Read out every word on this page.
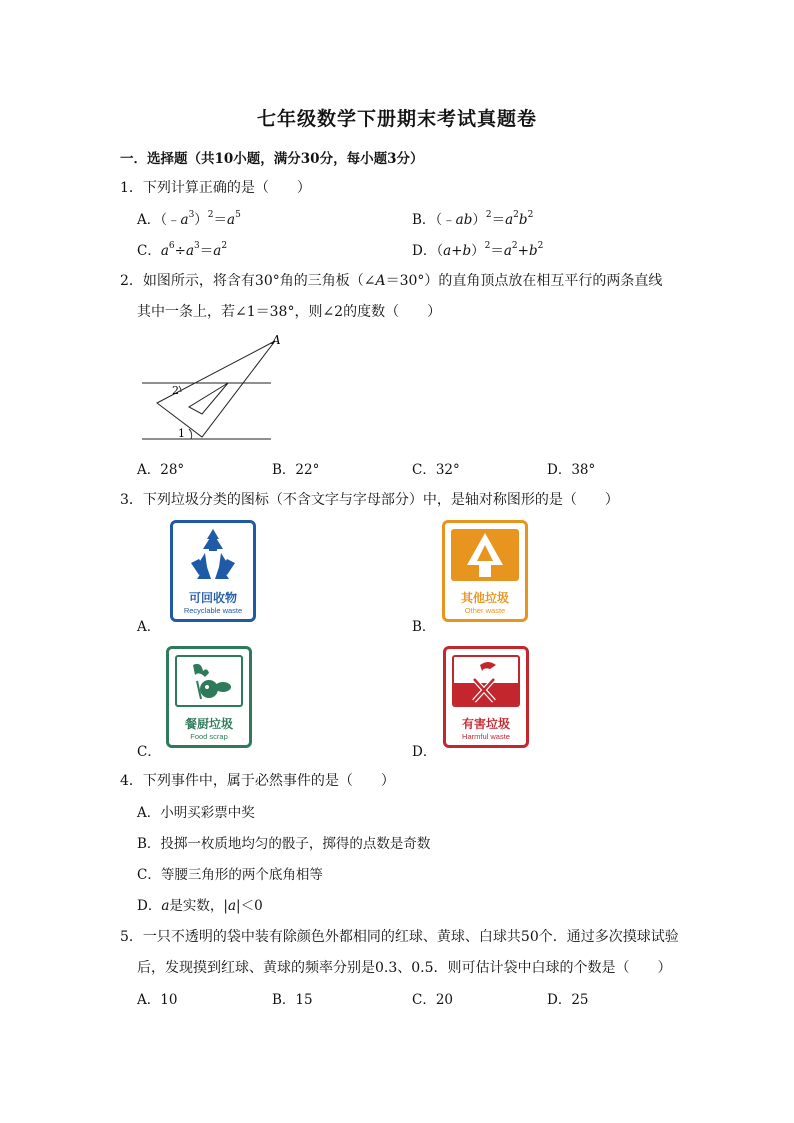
七年级数学下册期末考试真题卷
一．选择题（共10小题，满分30分，每小题3分）
1．下列计算正确的是（　　）
A．$(﹣a^3)^2=a^5$	B．$(﹣ab)^2=a^2b^2$
C．$a^6\div a^3=a^2$	D．$(a+b)^2=a^2+b^2$
2．如图所示，将含有30°角的三角板（∠A＝30°）的直角顶点放在相互平行的两条直线
其中一条上，若∠1＝38°，则∠2的度数（　　）
A
2
1
A．28°	B．22°	C．32°	D．38°
3．下列垃圾分类的图标（不含文字与字母部分）中，是轴对称图形的是（　　）
可回收物
Recyclable waste
A．
其他垃圾
Other waste
B．
餐厨垃圾
Food scrap
C．
有害垃圾
Harmful waste
D．
4．下列事件中，属于必然事件的是（　　）
A．小明买彩票中奖
B．投掷一枚质地均匀的骰子，掷得的点数是奇数
C．等腰三角形的两个底角相等
D．a是实数，|a|＜0
5．一只不透明的袋中装有除颜色外都相同的红球、黄球、白球共50个．通过多次摸球试验
后，发现摸到红球、黄球的频率分别是0.3、0.5．则可估计袋中白球的个数是（　　）
A．10	B．15	C．20	D．25
